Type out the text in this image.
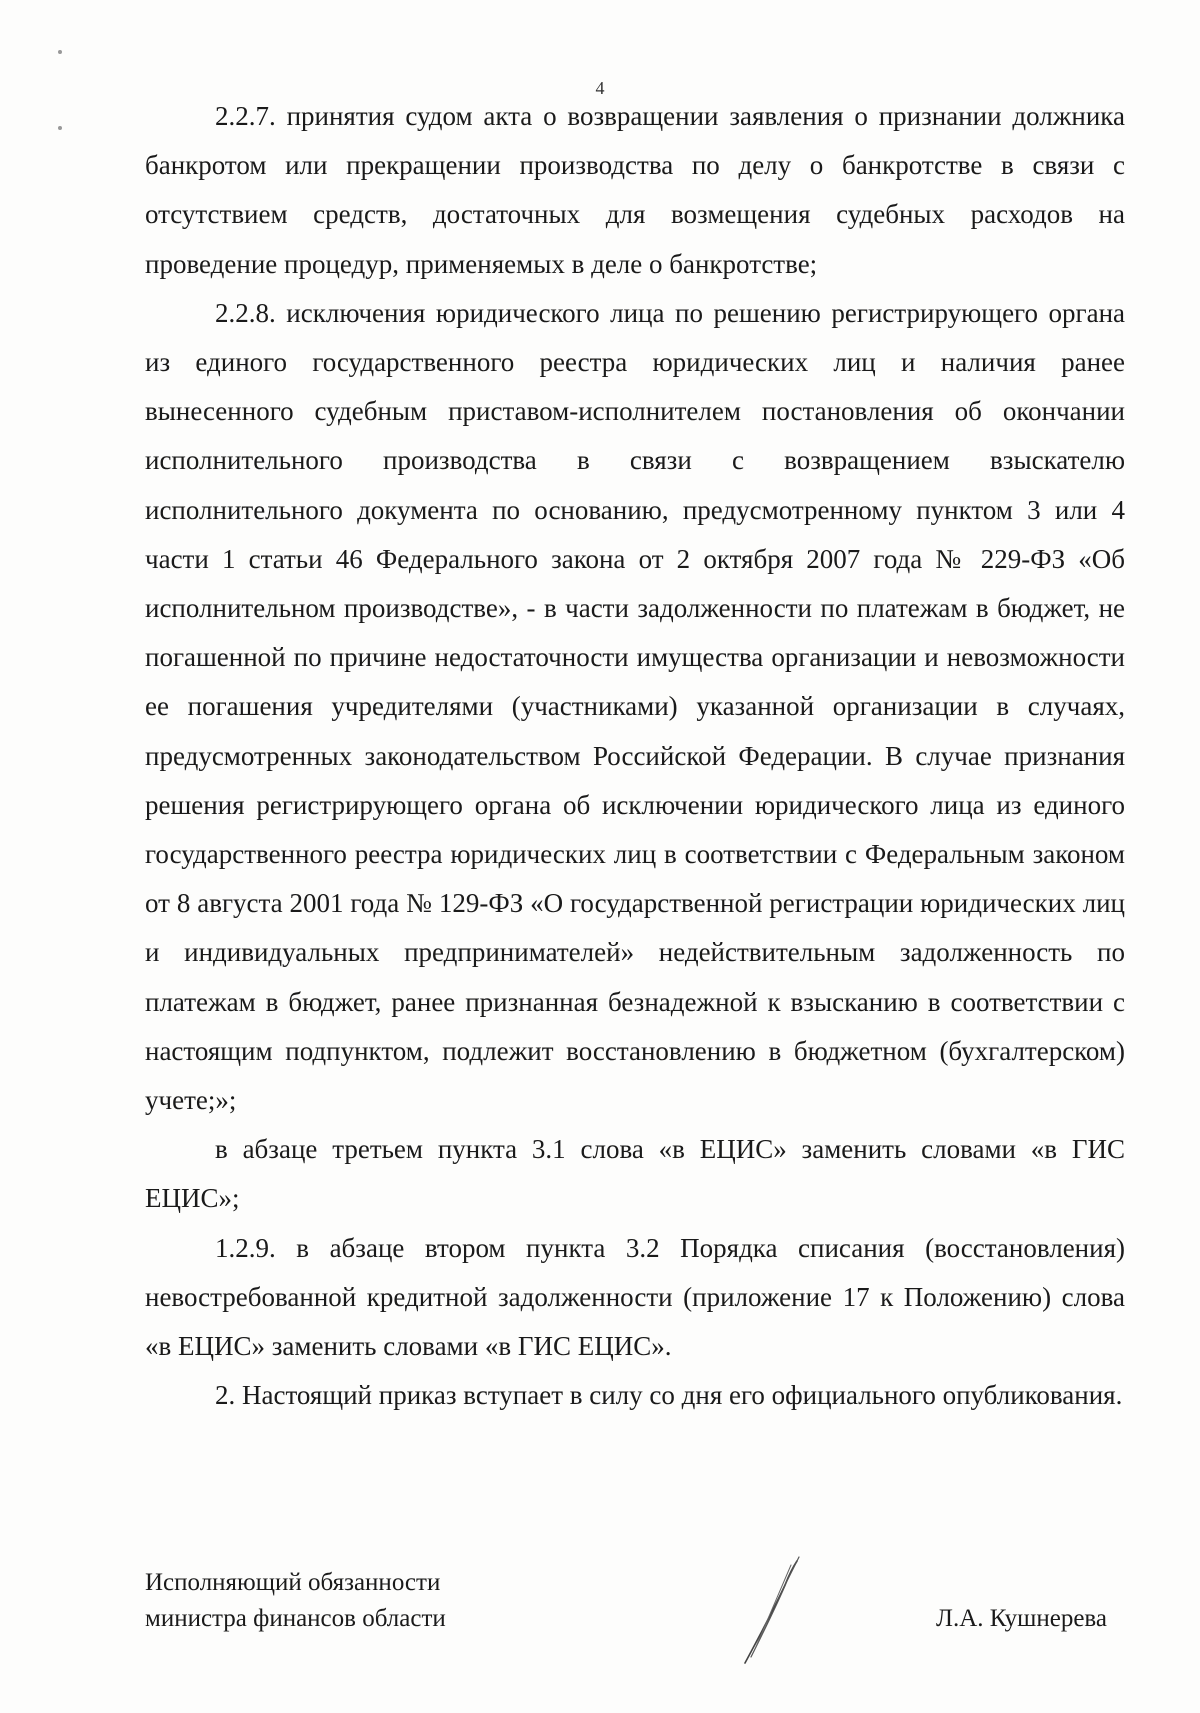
4

2.2.7. принятия судом акта о возвращении заявления о признании должника банкротом или прекращении производства по делу о банкротстве в связи с отсутствием средств, достаточных для возмещения судебных расходов на проведение процедур, применяемых в деле о банкротстве;

2.2.8. исключения юридического лица по решению регистрирующего органа из единого государственного реестра юридических лиц и наличия ранее вынесенного судебным приставом-исполнителем постановления об окончании исполнительного производства в связи с возвращением взыскателю исполнительного документа по основанию, предусмотренному пунктом 3 или 4 части 1 статьи 46 Федерального закона от 2 октября 2007 года № 229-ФЗ «Об исполнительном производстве», - в части задолженности по платежам в бюджет, не погашенной по причине недостаточности имущества организации и невозможности ее погашения учредителями (участниками) указанной организации в случаях, предусмотренных законодательством Российской Федерации. В случае признания решения регистрирующего органа об исключении юридического лица из единого государственного реестра юридических лиц в соответствии с Федеральным законом от 8 августа 2001 года № 129-ФЗ «О государственной регистрации юридических лиц и индивидуальных предпринимателей» недействительным задолженность по платежам в бюджет, ранее признанная безнадежной к взысканию в соответствии с настоящим подпунктом, подлежит восстановлению в бюджетном (бухгалтерском) учете;»;

в абзаце третьем пункта 3.1 слова «в ЕЦИС» заменить словами «в ГИС ЕЦИС»;

1.2.9. в абзаце втором пункта 3.2 Порядка списания (восстановления) невостребованной кредитной задолженности (приложение 17 к Положению) слова «в ЕЦИС» заменить словами «в ГИС ЕЦИС».

2. Настоящий приказ вступает в силу со дня его официального опубликования.

Исполняющий обязанности
министра финансов области	Л.А. Кушнерева
